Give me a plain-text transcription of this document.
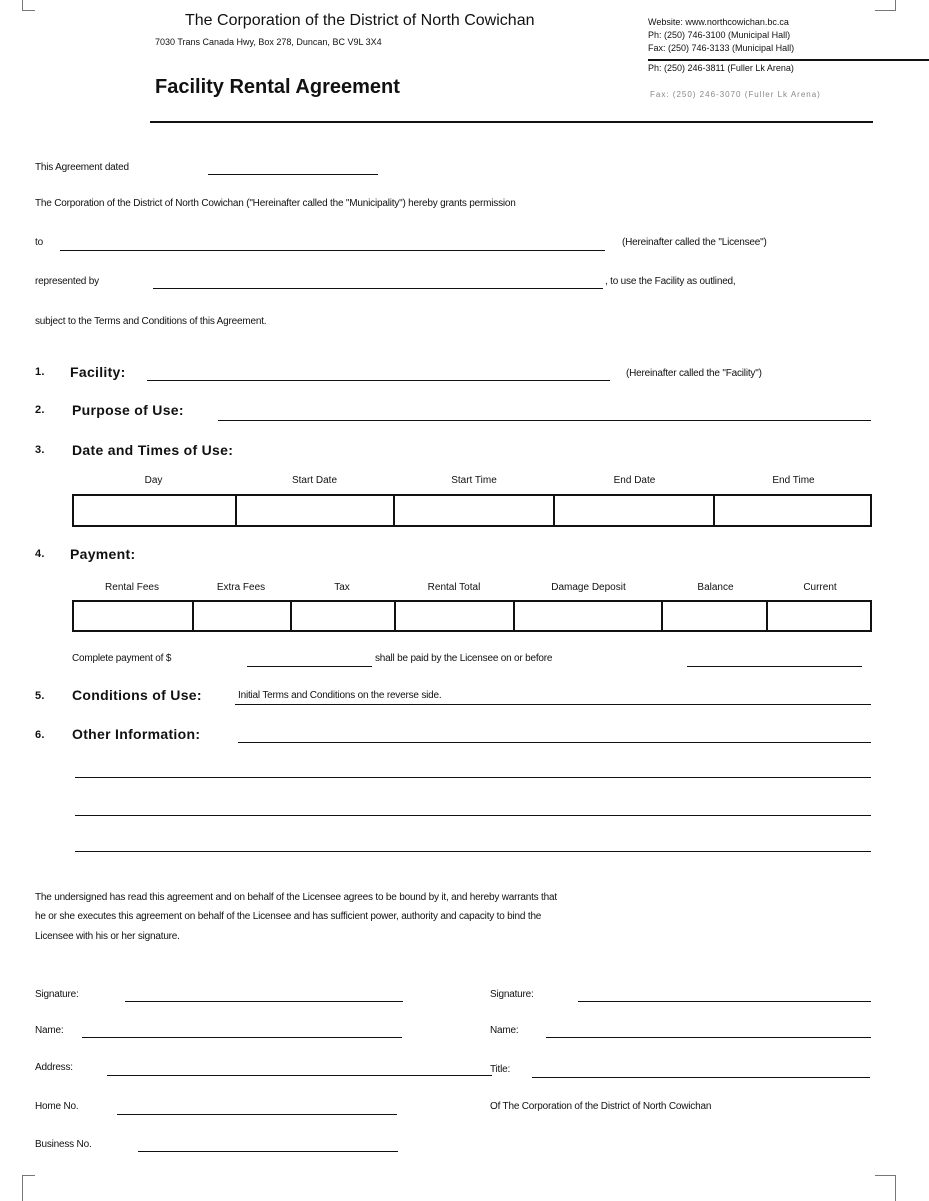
The Corporation of the District of North Cowichan
7030 Trans Canada Hwy, Box 278, Duncan, BC V9L 3X4
Website: www.northcowichan.bc.ca
Ph: (250) 746-3100 (Municipal Hall)
Fax: (250) 746-3133 (Municipal Hall)
Ph: (250) 246-3811 (Fuller Lk Arena)
Fax: (250) 246-3070 (Fuller Lk Arena)
Facility Rental Agreement
This Agreement dated
The Corporation of the District of North Cowichan ("Hereinafter called the "Municipality") hereby grants permission
to	(Hereinafter called the "Licensee")
represented by	, to use the Facility as outlined,
subject to the Terms and Conditions of this Agreement.
1. Facility:	(Hereinafter called the "Facility")
2. Purpose of Use:
3. Date and Times of Use:
Day	Start Date	Start Time	End Date	End Time

4. Payment:
Rental Fees	Extra Fees	Tax	Rental Total	Damage Deposit	Balance	Current

Complete payment of $	shall be paid by the Licensee on or before
5. Conditions of Use:	Initial Terms and Conditions on the reverse side.
6. Other Information:
The undersigned has read this agreement and on behalf of the Licensee agrees to be bound by it, and hereby warrants that
he or she executes this agreement on behalf of the Licensee and has sufficient power, authority and capacity to bind the
Licensee with his or her signature.
Signature:
Name:
Address:
Home No.
Business No.
Signature:
Name:
Title:
Of The Corporation of the District of North Cowichan
